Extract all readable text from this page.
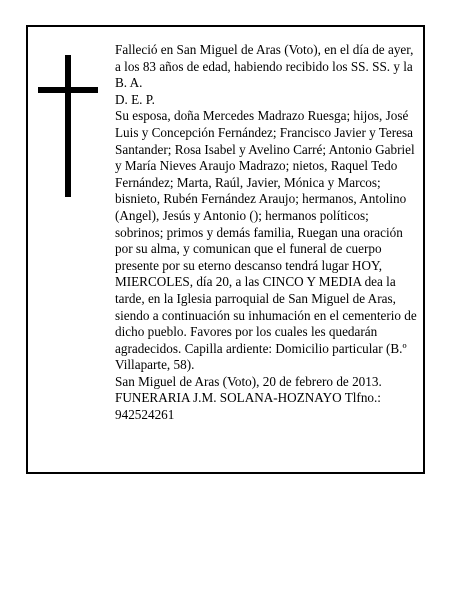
Falleció en San Miguel de Aras (Voto), en el día de ayer, a los 83 años de edad, habiendo recibido los SS. SS. y la B. A.

D. E. P.

Su esposa, doña Mercedes Madrazo Ruesga; hijos, José Luis y Concepción Fernández; Francisco Javier y Teresa Santander; Rosa Isabel y Avelino Carré; Antonio Gabriel y María Nieves Araujo Madrazo; nietos, Raquel Tedo Fernández; Marta, Raúl, Javier, Mónica y Marcos; bisnieto, Rubén Fernández Araujo; hermanos, Antolino (Angel), Jesús y Antonio (); hermanos políticos; sobrinos; primos y demás familia, Ruegan una oración por su alma, y comunican que el funeral de cuerpo presente por su eterno descanso tendrá lugar HOY, MIERCOLES, día 20, a las CINCO Y MEDIA dea la tarde, en la Iglesia parroquial de San Miguel de Aras, siendo a continuación su inhumación en el cementerio de dicho pueblo. Favores por los cuales les quedarán agradecidos. Capilla ardiente: Domicilio particular (B.º Villaparte, 58).

San Miguel de Aras (Voto), 20 de febrero de 2013.

FUNERARIA J.M. SOLANA-HOZNAYO Tlfno.: 942524261
